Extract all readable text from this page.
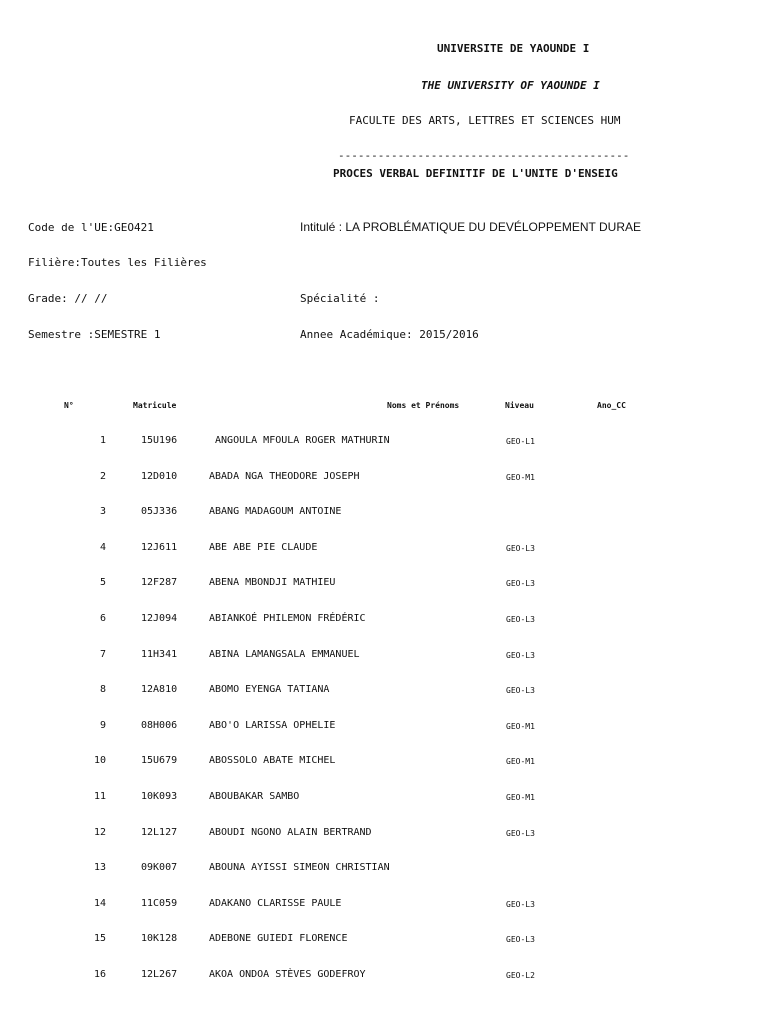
UNIVERSITE DE YAOUNDE I
THE UNIVERSITY OF YAOUNDE I
FACULTE DES ARTS, LETTRES ET SCIENCES HUM
--------------------------------------------
PROCES VERBAL DEFINITIF DE L'UNITE D'ENSEIG
Code de l'UE:GEO421	Intitulé : LA PROBLÉMATIQUE DU DEVÉLOPPEMENT DURAE
Filière:Toutes les Filières
Grade: // //	Spécialité :
Semestre :SEMESTRE 1	Annee Académique: 2015/2016
N°	Matricule	Noms et Prénoms	Niveau	Ano_CC
1	15U196	ANGOULA MFOULA ROGER MATHURIN	GEO-L1
2	12D010	ABADA NGA THEODORE JOSEPH	GEO-M1
3	05J336	ABANG MADAGOUM ANTOINE
4	12J611	ABE ABE PIE CLAUDE	GEO-L3
5	12F287	ABENA MBONDJI MATHIEU	GEO-L3
6	12J094	ABIANKOÉ PHILEMON FRÉDÉRIC	GEO-L3
7	11H341	ABINA LAMANGSALA EMMANUEL	GEO-L3
8	12A810	ABOMO EYENGA TATIANA	GEO-L3
9	08H006	ABO'O LARISSA OPHELIE	GEO-M1
10	15U679	ABOSSOLO ABATE MICHEL	GEO-M1
11	10K093	ABOUBAKAR SAMBO	GEO-M1
12	12L127	ABOUDI NGONO ALAIN BERTRAND	GEO-L3
13	09K007	ABOUNA AYISSI SIMEON CHRISTIAN
14	11C059	ADAKANO CLARISSE PAULE	GEO-L3
15	10K128	ADEBONE GUIEDI FLORENCE	GEO-L3
16	12L267	AKOA ONDOA STÈVES GODEFROY	GEO-L2
